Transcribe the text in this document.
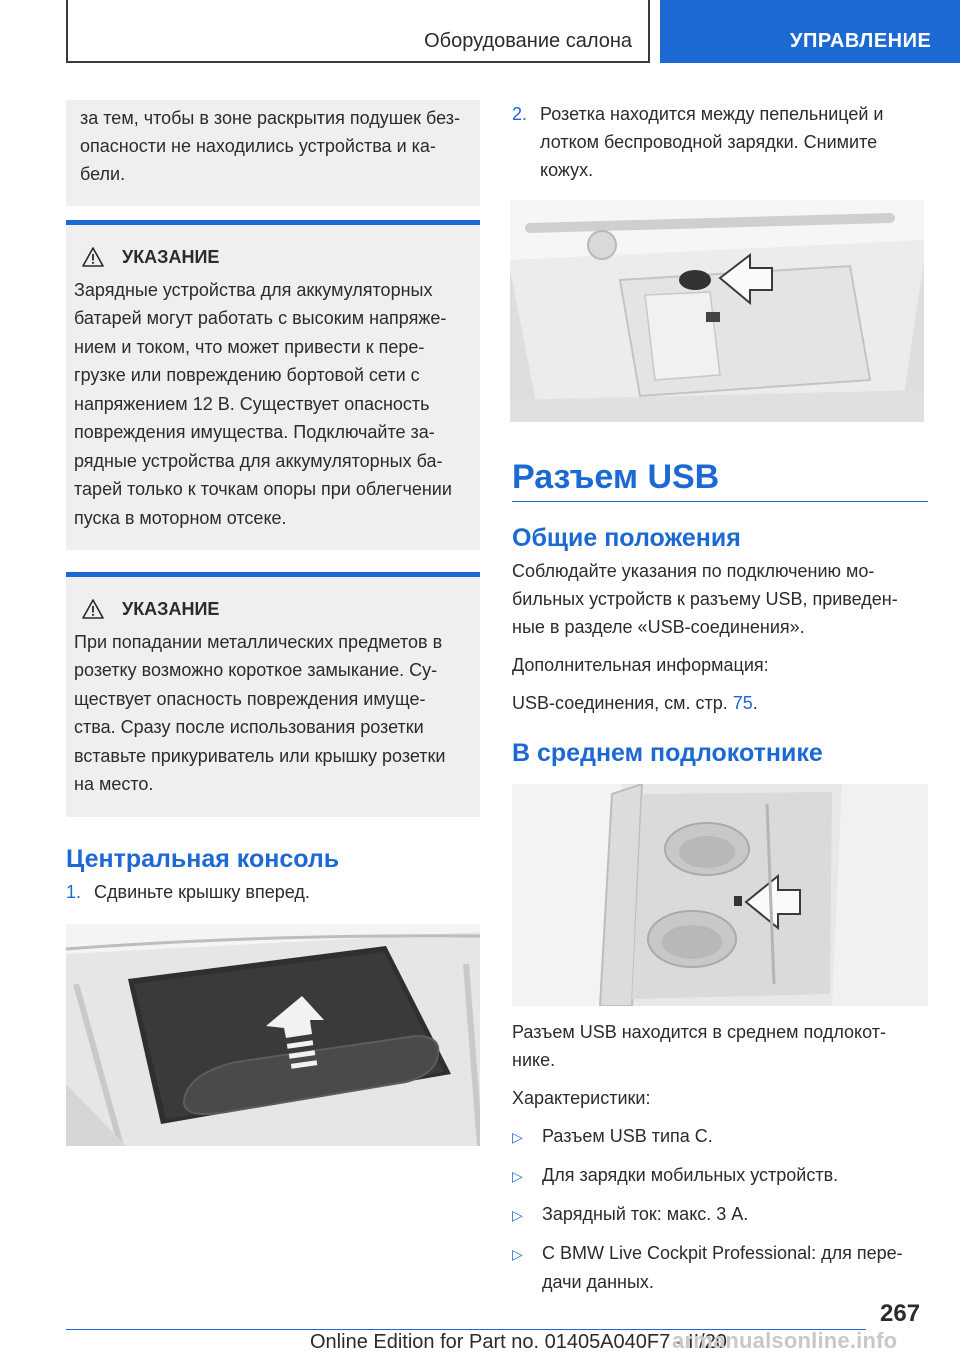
Оборудование салона	УПРАВЛЕНИЕ
за тем, чтобы в зоне раскрытия подушек без-опасности не находились устройства и ка-бели.
УКАЗАНИЕ

Зарядные устройства для аккумуляторных батарей могут работать с высоким напряже-нием и током, что может привести к пере-грузке или повреждению бортовой сети с напряжением 12 В. Существует опасность повреждения имущества. Подключайте за-рядные устройства для аккумуляторных ба-тарей только к точкам опоры при облегчении пуска в моторном отсеке.

УКАЗАНИЕ

При попадании металлических предметов в розетку возможно короткое замыкание. Су-ществует опасность повреждения имуще-ства. Сразу после использования розетки вставьте прикуриватель или крышку розетки на место.

Центральная консоль
1. Сдвиньте крышку вперед.
2. Розетка находится между пепельницей и лотком беспроводной зарядки. Снимите кожух.
Разъем USB
Общие положения

Соблюдайте указания по подключению мо-бильных устройств к разъему USB, приведен-ные в разделе «USB-соединения».

Дополнительная информация:

USB-соединения, см. стр. 75.

В среднем подлокотнике

Разъем USB находится в среднем подлокот-нике.

Характеристики:

▷	Разъем USB типа C.
▷	Для зарядки мобильных устройств.
▷	Зарядный ток: макс. 3 А.
▷	С BMW Live Cockpit Professional: для пере-дачи данных.
267
Online Edition for Part no. 01405A040F7 - II/20
armanualsonline.info
